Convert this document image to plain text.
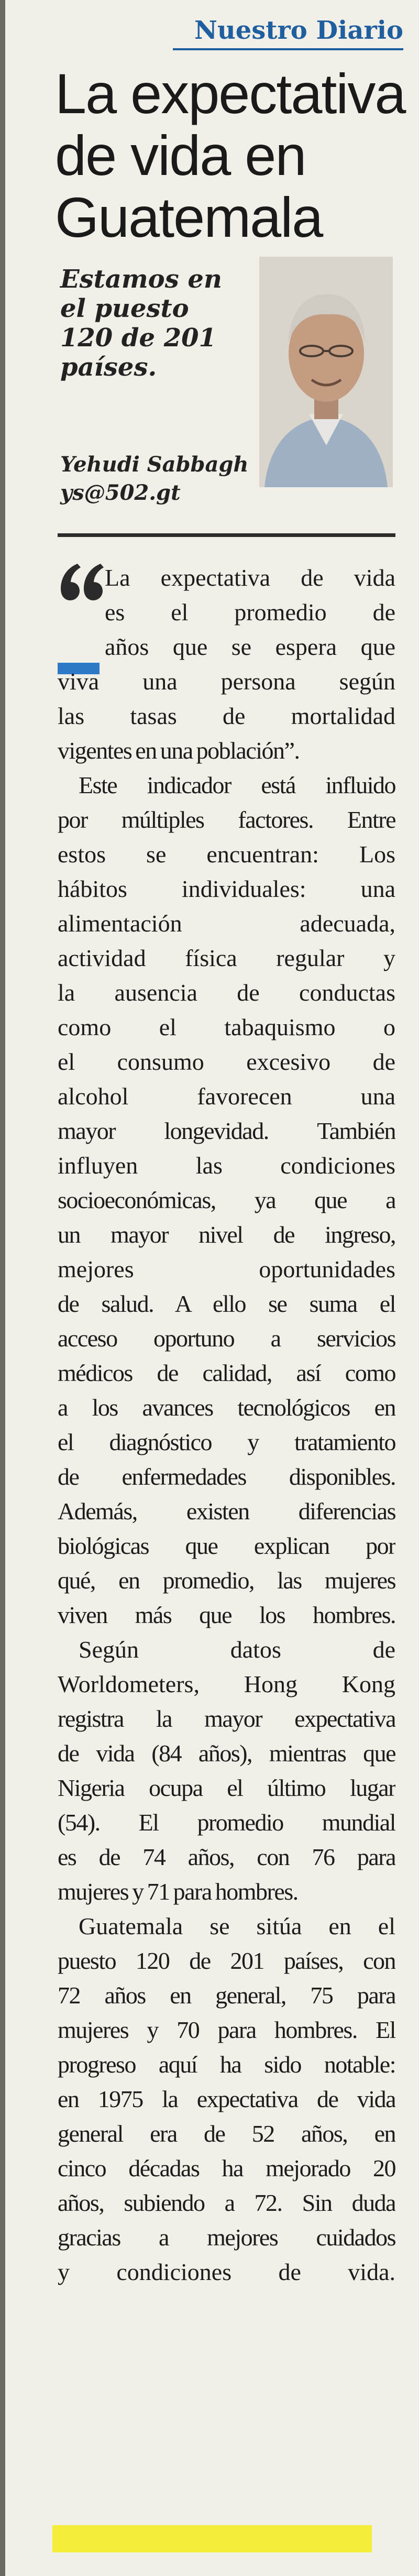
Nuestro Diario
La expectativa
de vida en
Guatemala
Estamos en
el puesto
120 de 201
países.
Yehudi Sabbagh
ys@502.gt
La expectativa de vida
es el promedio de
años que se espera que
viva una persona según
las tasas de mortalidad
vigentes en una población”.
Este indicador está influido
por múltiples factores. Entre
estos se encuentran: Los
hábitos individuales: una
alimentación adecuada,
actividad física regular y
la ausencia de conductas
como el tabaquismo o
el consumo excesivo de
alcohol favorecen una
mayor longevidad. También
influyen las condiciones
socioeconómicas, ya que a
un mayor nivel de ingreso,
mejores oportunidades
de salud. A ello se suma el
acceso oportuno a servicios
médicos de calidad, así como
a los avances tecnológicos en
el diagnóstico y tratamiento
de enfermedades disponibles.
Además, existen diferencias
biológicas que explican por
qué, en promedio, las mujeres
viven más que los hombres.
Según datos de
Worldometers, Hong Kong
registra la mayor expectativa
de vida (84 años), mientras que
Nigeria ocupa el último lugar
(54). El promedio mundial
es de 74 años, con 76 para
mujeres y 71 para hombres.
Guatemala se sitúa en el
puesto 120 de 201 países, con
72 años en general, 75 para
mujeres y 70 para hombres. El
progreso aquí ha sido notable:
en 1975 la expectativa de vida
general era de 52 años, en
cinco décadas ha mejorado 20
años, subiendo a 72. Sin duda
gracias a mejores cuidados
y condiciones de vida.
